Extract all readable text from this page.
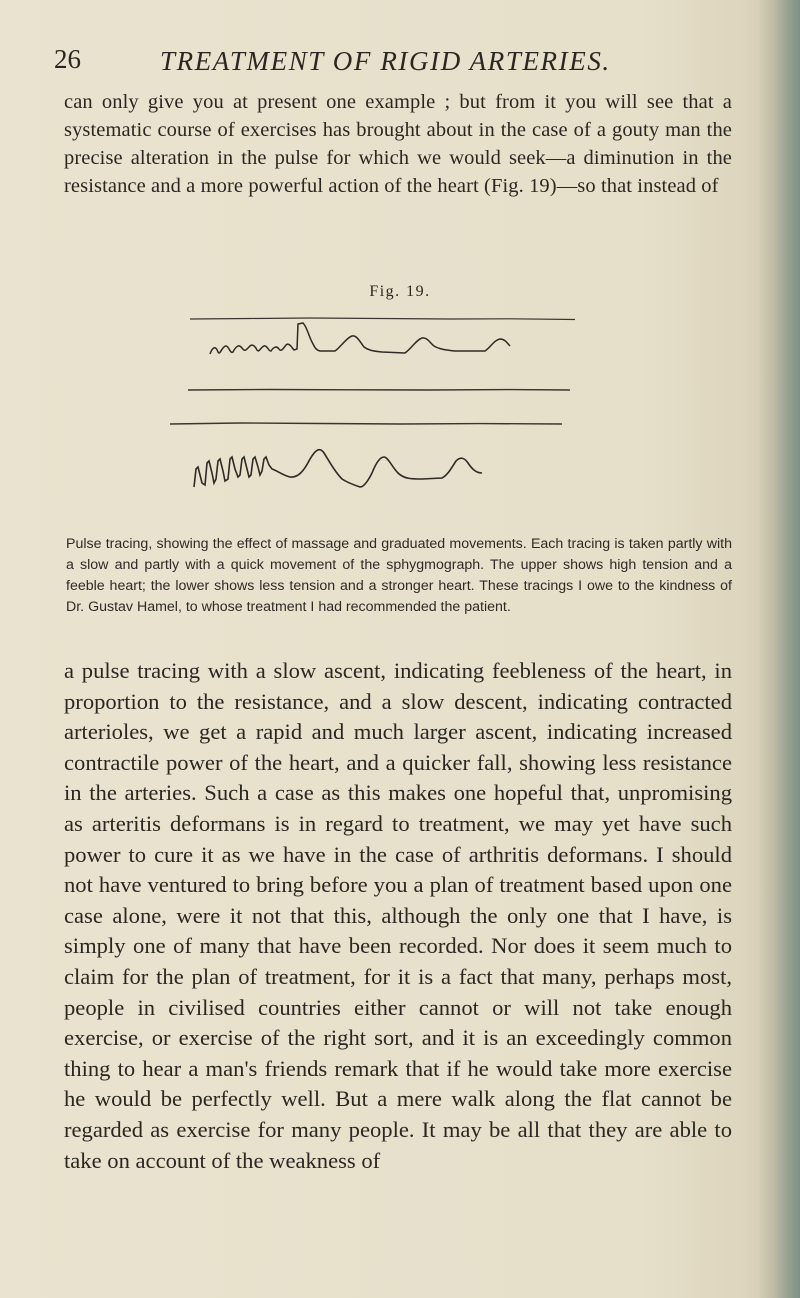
26	TREATMENT OF RIGID ARTERIES.

can only give you at present one example ; but from it you will see that a systematic course of exercises has brought about in the case of a gouty man the precise alteration in the pulse for which we would seek—a diminution in the resistance and a more powerful action of the heart (Fig. 19)—so that instead of

Fig. 19.

Pulse tracing, showing the effect of massage and graduated movements. Each tracing is taken partly with a slow and partly with a quick movement of the sphygmograph. The upper shows high tension and a feeble heart; the lower shows less tension and a stronger heart. These tracings I owe to the kindness of Dr. Gustav Hamel, to whose treatment I had recommended the patient.

a pulse tracing with a slow ascent, indicating feebleness of the heart, in proportion to the resistance, and a slow descent, indicating contracted arterioles, we get a rapid and much larger ascent, indicating increased contractile power of the heart, and a quicker fall, showing less resistance in the arteries. Such a case as this makes one hopeful that, unpromising as arteritis deformans is in regard to treatment, we may yet have such power to cure it as we have in the case of arthritis deformans. I should not have ventured to bring before you a plan of treatment based upon one case alone, were it not that this, although the only one that I have, is simply one of many that have been recorded. Nor does it seem much to claim for the plan of treatment, for it is a fact that many, perhaps most, people in civilised countries either cannot or will not take enough exercise, or exercise of the right sort, and it is an exceedingly common thing to hear a man's friends remark that if he would take more exercise he would be perfectly well. But a mere walk along the flat cannot be regarded as exercise for many people. It may be all that they are able to take on account of the weakness of
